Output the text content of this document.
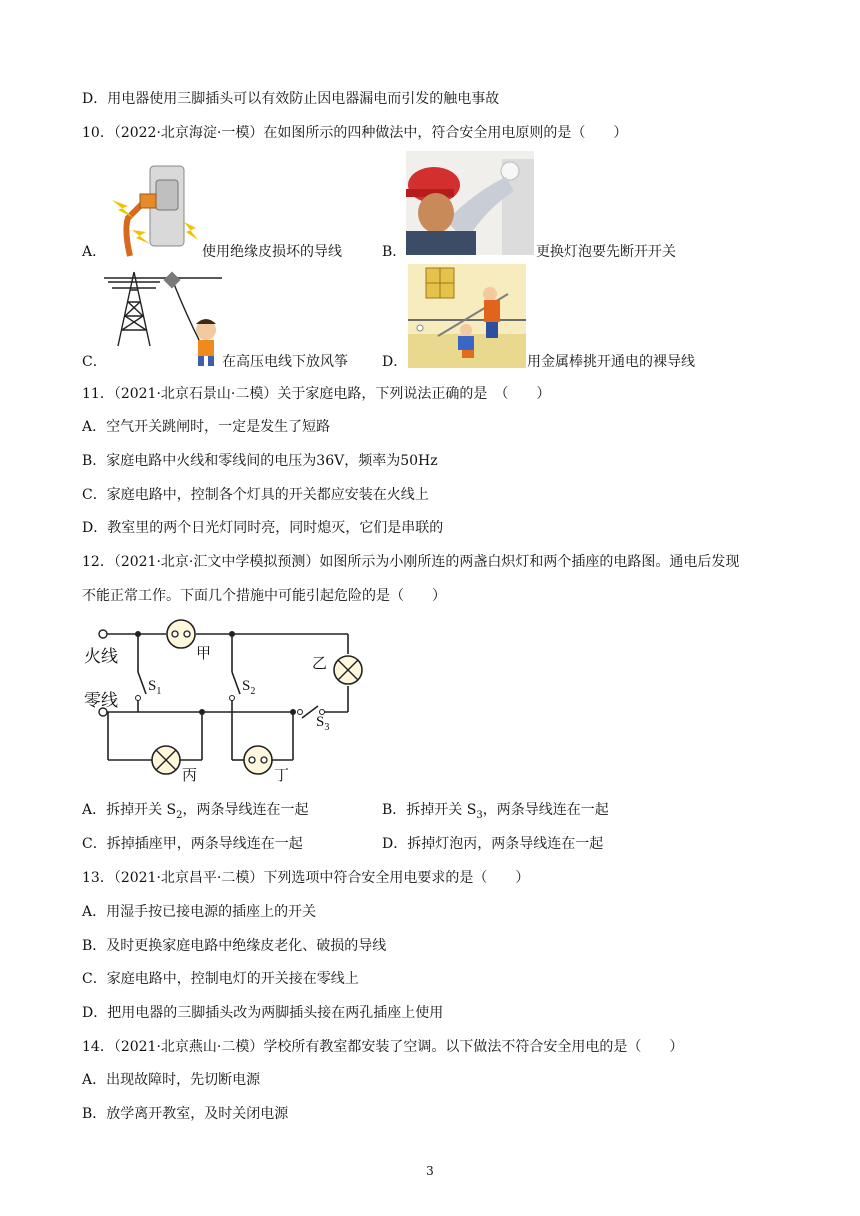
D．用电器使用三脚插头可以有效防止因电器漏电而引发的触电事故
10．（2022·北京海淀·一模）在如图所示的四种做法中，符合安全用电原则的是（　　）
A．	使用绝缘皮损坏的导线	B．	更换灯泡要先断开开关
C．	在高压电线下放风筝 D．	用金属棒挑开通电的裸导线
11．（2021·北京石景山·二模）关于家庭电路，下列说法正确的是　（　　）
A．空气开关跳闸时，一定是发生了短路
B．家庭电路中火线和零线间的电压为36V，频率为50Hz
C．家庭电路中，控制各个灯具的开关都应安装在火线上
D．教室里的两个日光灯同时亮，同时熄灭，它们是串联的
12．（2021·北京·汇文中学模拟预测）如图所示为小刚所连的两盏白炽灯和两个插座的电路图。通电后发现
不能正常工作。下面几个措施中可能引起危险的是（　　）
火线
零线
甲
乙
丙	丁
$S_1$	$S_2$
$S_3$
A．拆掉开关 $S_2$，两条导线连在一起	B．拆掉开关 $S_3$，两条导线连在一起
C．拆掉插座甲，两条导线连在一起	D．拆掉灯泡丙，两条导线连在一起
13．（2021·北京昌平·二模）下列选项中符合安全用电要求的是（　　）
A．用湿手按已接电源的插座上的开关
B．及时更换家庭电路中绝缘皮老化、破损的导线
C．家庭电路中，控制电灯的开关接在零线上
D．把用电器的三脚插头改为两脚插头接在两孔插座上使用
14．（2021·北京燕山·二模）学校所有教室都安装了空调。以下做法不符合安全用电的是（　　）
A．出现故障时，先切断电源
B．放学离开教室，及时关闭电源
3
